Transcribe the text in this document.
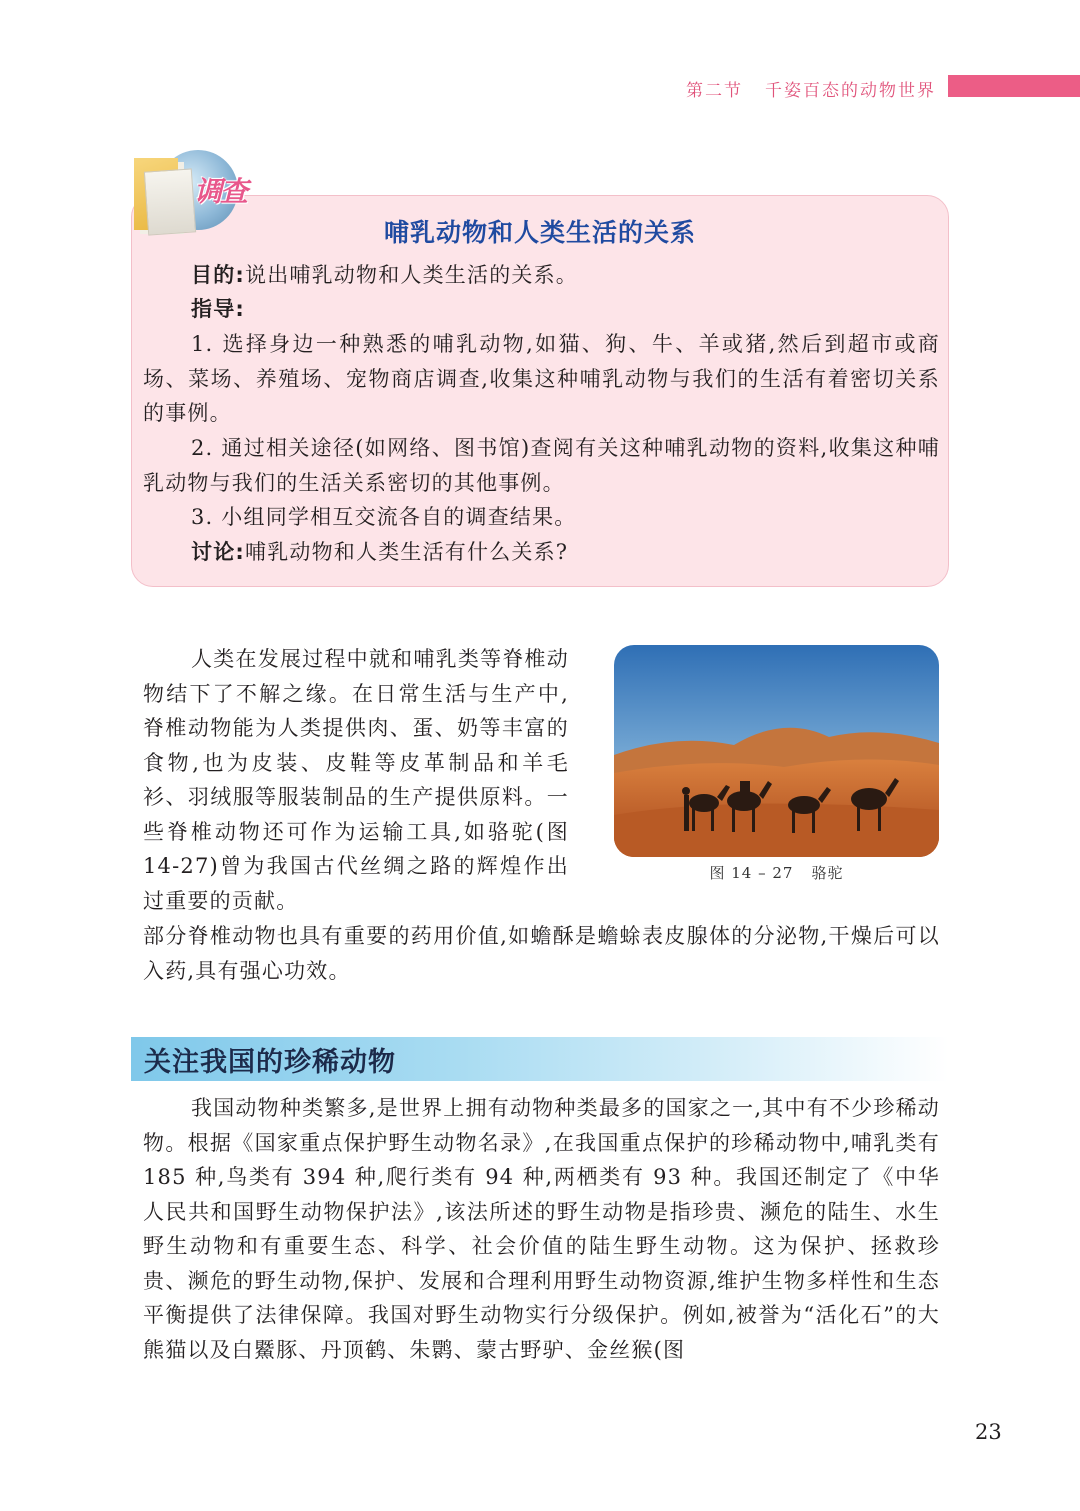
第二节 千姿百态的动物世界
调查
哺乳动物和人类生活的关系
目的:说出哺乳动物和人类生活的关系。
指导:
1. 选择身边一种熟悉的哺乳动物,如猫、狗、牛、羊或猪,然后到超市或商场、菜场、养殖场、宠物商店调查,收集这种哺乳动物与我们的生活有着密切关系的事例。
2. 通过相关途径(如网络、图书馆)查阅有关这种哺乳动物的资料,收集这种哺乳动物与我们的生活关系密切的其他事例。
3. 小组同学相互交流各自的调查结果。
讨论:哺乳动物和人类生活有什么关系?
人类在发展过程中就和哺乳类等脊椎动物结下了不解之缘。在日常生活与生产中,脊椎动物能为人类提供肉、蛋、奶等丰富的食物,也为皮装、皮鞋等皮革制品和羊毛衫、羽绒服等服装制品的生产提供原料。一些脊椎动物还可作为运输工具,如骆驼(图 14-27)曾为我国古代丝绸之路的辉煌作出过重要的贡献。
部分脊椎动物也具有重要的药用价值,如蟾酥是蟾蜍表皮腺体的分泌物,干燥后可以入药,具有强心功效。
图 14 – 27 骆驼
关注我国的珍稀动物
我国动物种类繁多,是世界上拥有动物种类最多的国家之一,其中有不少珍稀动物。根据《国家重点保护野生动物名录》,在我国重点保护的珍稀动物中,哺乳类有 185 种,鸟类有 394 种,爬行类有 94 种,两栖类有 93 种。我国还制定了《中华人民共和国野生动物保护法》,该法所述的野生动物是指珍贵、濒危的陆生、水生野生动物和有重要生态、科学、社会价值的陆生野生动物。这为保护、拯救珍贵、濒危的野生动物,保护、发展和合理利用野生动物资源,维护生物多样性和生态平衡提供了法律保障。我国对野生动物实行分级保护。例如,被誉为“活化石”的大熊猫以及白鱀豚、丹顶鹤、朱鹮、蒙古野驴、金丝猴(图
23
